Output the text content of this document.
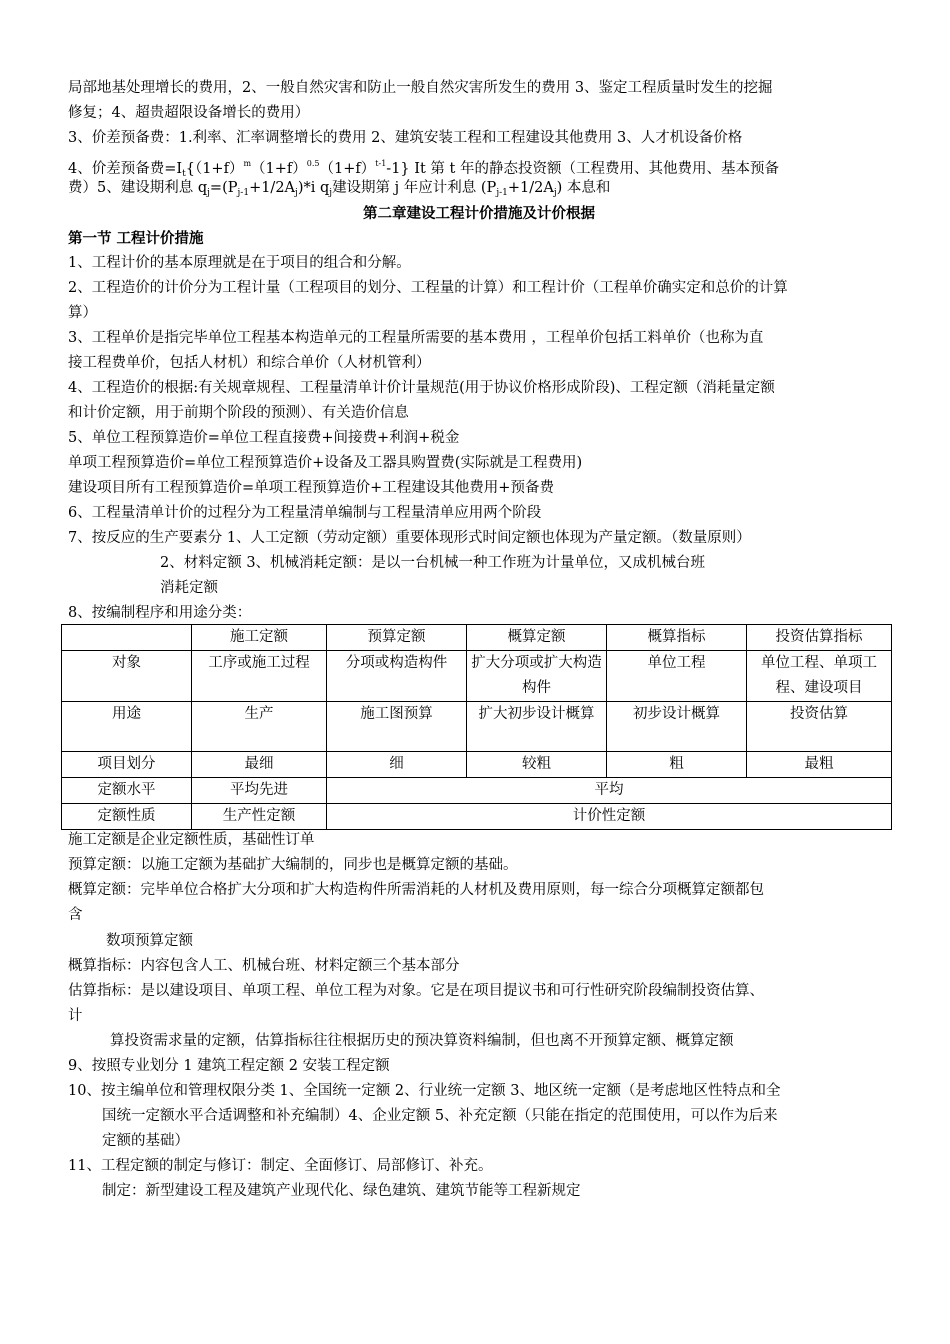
局部地基处理增长的费用，2、一般自然灾害和防止一般自然灾害所发生的费用 3、鉴定工程质量时发生的挖掘
修复；4、超贵超限设备增长的费用）
3、价差预备费：1.利率、汇率调整增长的费用 2、建筑安装工程和工程建设其他费用 3、人才机设备价格
4、价差预备费$=I_t\{(1+f)^m(1+f)^{0.5}(1+f)^{t-1}-1\}$ It 第 t 年的静态投资额（工程费用、其他费用、基本预备
费）5、建设期利息 $q_j=(P_{j-1}+1/2A_j)*i$ $q_j$建设期第 j 年应计利息 $(P_{j-1}+1/2A_j)$ 本息和
第二章建设工程计价措施及计价根据
第一节 工程计价措施
1、工程计价的基本原理就是在于项目的组合和分解。
2、工程造价的计价分为工程计量（工程项目的划分、工程量的计算）和工程计价（工程单价确实定和总价的计算
算）
3、工程单价是指完毕单位工程基本构造单元的工程量所需要的基本费用 ，工程单价包括工料单价（也称为直
接工程费单价，包括人材机）和综合单价（人材机管利）
4、工程造价的根据:有关规章规程、工程量清单计价计量规范(用于协议价格形成阶段)、工程定额（消耗量定额
和计价定额，用于前期个阶段的预测）、有关造价信息
5、单位工程预算造价=单位工程直接费+间接费+利润+税金
单项工程预算造价=单位工程预算造价+设备及工器具购置费(实际就是工程费用)
建设项目所有工程预算造价=单项工程预算造价+工程建设其他费用+预备费
6、工程量清单计价的过程分为工程量清单编制与工程量清单应用两个阶段
7、按反应的生产要素分 1、人工定额（劳动定额）重要体现形式时间定额也体现为产量定额。（数量原则）
2、材料定额 3、机械消耗定额：是以一台机械一种工作班为计量单位，又成机械台班
消耗定额
8、按编制程序和用途分类：
	施工定额	预算定额	概算定额	概算指标	投资估算指标
对象	工序或施工过程	分项或构造构件	扩大分项或扩大构造构件	单位工程	单位工程、单项工程、建设项目
用途	生产	施工图预算	扩大初步设计概算	初步设计概算	投资估算
项目划分	最细	细	较粗	粗	最粗
定额水平	平均先进	平均			
定额性质	生产性定额	计价性定额			
施工定额是企业定额性质，基础性订单
预算定额：以施工定额为基础扩大编制的，同步也是概算定额的基础。
概算定额：完毕单位合格扩大分项和扩大构造构件所需消耗的人材机及费用原则，每一综合分项概算定额都包
含
数项预算定额
概算指标：内容包含人工、机械台班、材料定额三个基本部分
估算指标：是以建设项目、单项工程、单位工程为对象。它是在项目提议书和可行性研究阶段编制投资估算、
计
算投资需求量的定额，估算指标往往根据历史的预决算资料编制，但也离不开预算定额、概算定额
9、按照专业划分 1 建筑工程定额 2 安装工程定额
10、按主编单位和管理权限分类 1、全国统一定额 2、行业统一定额 3、地区统一定额（是考虑地区性特点和全
国统一定额水平合适调整和补充编制）4、企业定额 5、补充定额（只能在指定的范围使用，可以作为后来
定额的基础）
11、工程定额的制定与修订：制定、全面修订、局部修订、补充。
制定：新型建设工程及建筑产业现代化、绿色建筑、建筑节能等工程新规定
